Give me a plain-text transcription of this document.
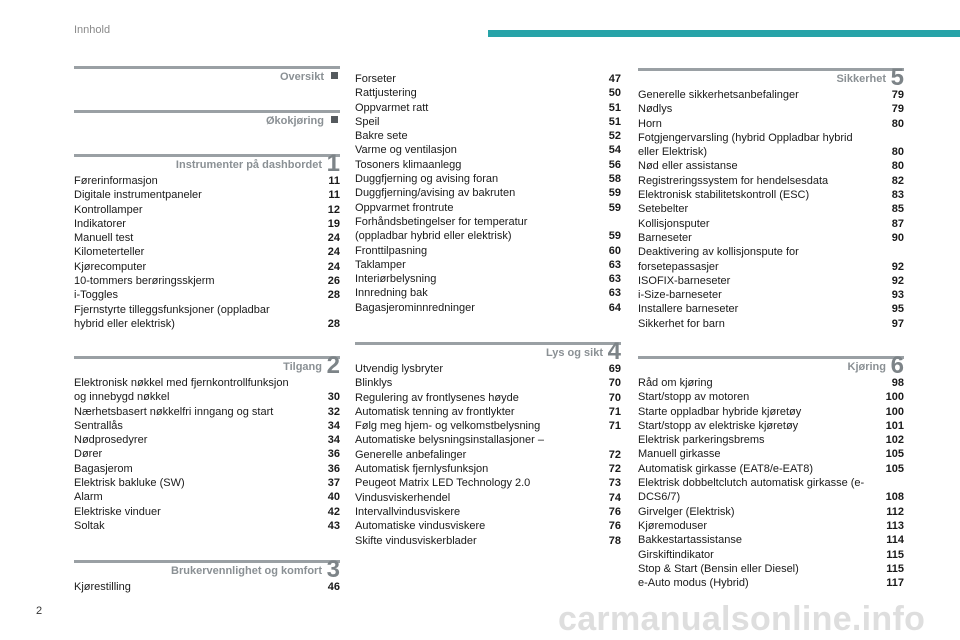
Innhold
Oversikt
Økokjøring
Instrumenter på dashbordet 1
Førerinformasjon	11
Digitale instrumentpaneler	11
Kontrollamper	12
Indikatorer	19
Manuell test	24
Kilometerteller	24
Kjørecomputer	24
10-tommers berøringsskjerm	26
i-Toggles	28
Fjernstyrte tilleggsfunksjoner (oppladbar hybrid eller elektrisk)	28
Tilgang 2
Elektronisk nøkkel med fjernkontrollfunksjon og innebygd nøkkel	30
Nærhetsbasert nøkkelfri inngang og start	32
Sentrallås	34
Nødprosedyrer	34
Dører	36
Bagasjerom	36
Elektrisk bakluke (SW)	37
Alarm	40
Elektriske vinduer	42
Soltak	43
Brukervennlighet og komfort 3
Kjørestilling	46
Forseter	47
Rattjustering	50
Oppvarmet ratt	51
Speil	51
Bakre sete	52
Varme og ventilasjon	54
Tosoners klimaanlegg	56
Duggfjerning og avising foran	58
Duggfjerning/avising av bakruten	59
Oppvarmet frontrute	59
Forhåndsbetingelser for temperatur (oppladbar hybrid eller elektrisk)	59
Fronttilpasning	60
Taklamper	63
Interiørbelysning	63
Innredning bak	63
Bagasjerominnredninger	64
Lys og sikt 4
Utvendig lysbryter	69
Blinklys	70
Regulering av frontlysenes høyde	70
Automatisk tenning av frontlykter	71
Følg meg hjem- og velkomstbelysning	71
Automatiske belysningsinstallasjoner – Generelle anbefalinger	72
Automatisk fjernlysfunksjon	72
Peugeot Matrix LED Technology 2.0	73
Vindusviskerhendel	74
Intervallvindusviskere	76
Automatiske vindusviskere	76
Skifte vindusviskerblader	78
Sikkerhet 5
Generelle sikkerhetsanbefalinger	79
Nødlys	79
Horn	80
Fotgjengervarsling (hybrid Oppladbar hybrid eller Elektrisk)	80
Nød eller assistanse	80
Registreringssystem for hendelsesdata	82
Elektronisk stabilitetskontroll (ESC)	83
Setebelter	85
Kollisjonsputer	87
Barneseter	90
Deaktivering av kollisjonspute for forsetepassasjer	92
ISOFIX-barneseter	92
i-Size-barneseter	93
Installere barneseter	95
Sikkerhet for barn	97
Kjøring 6
Råd om kjøring	98
Start/stopp av motoren	100
Starte oppladbar hybride kjøretøy	100
Start/stopp av elektriske kjøretøy	101
Elektrisk parkeringsbrems	102
Manuell girkasse	105
Automatisk girkasse (EAT8/e-EAT8)	105
Elektrisk dobbeltclutch automatisk girkasse (e-DCS6/7)	108
Girvelger (Elektrisk)	112
Kjøremoduser	113
Bakkestartassistanse	114
Girskiftindikator	115
Stop & Start (Bensin eller Diesel)	115
e-Auto modus (Hybrid)	117
2	carmanualsonline.info
